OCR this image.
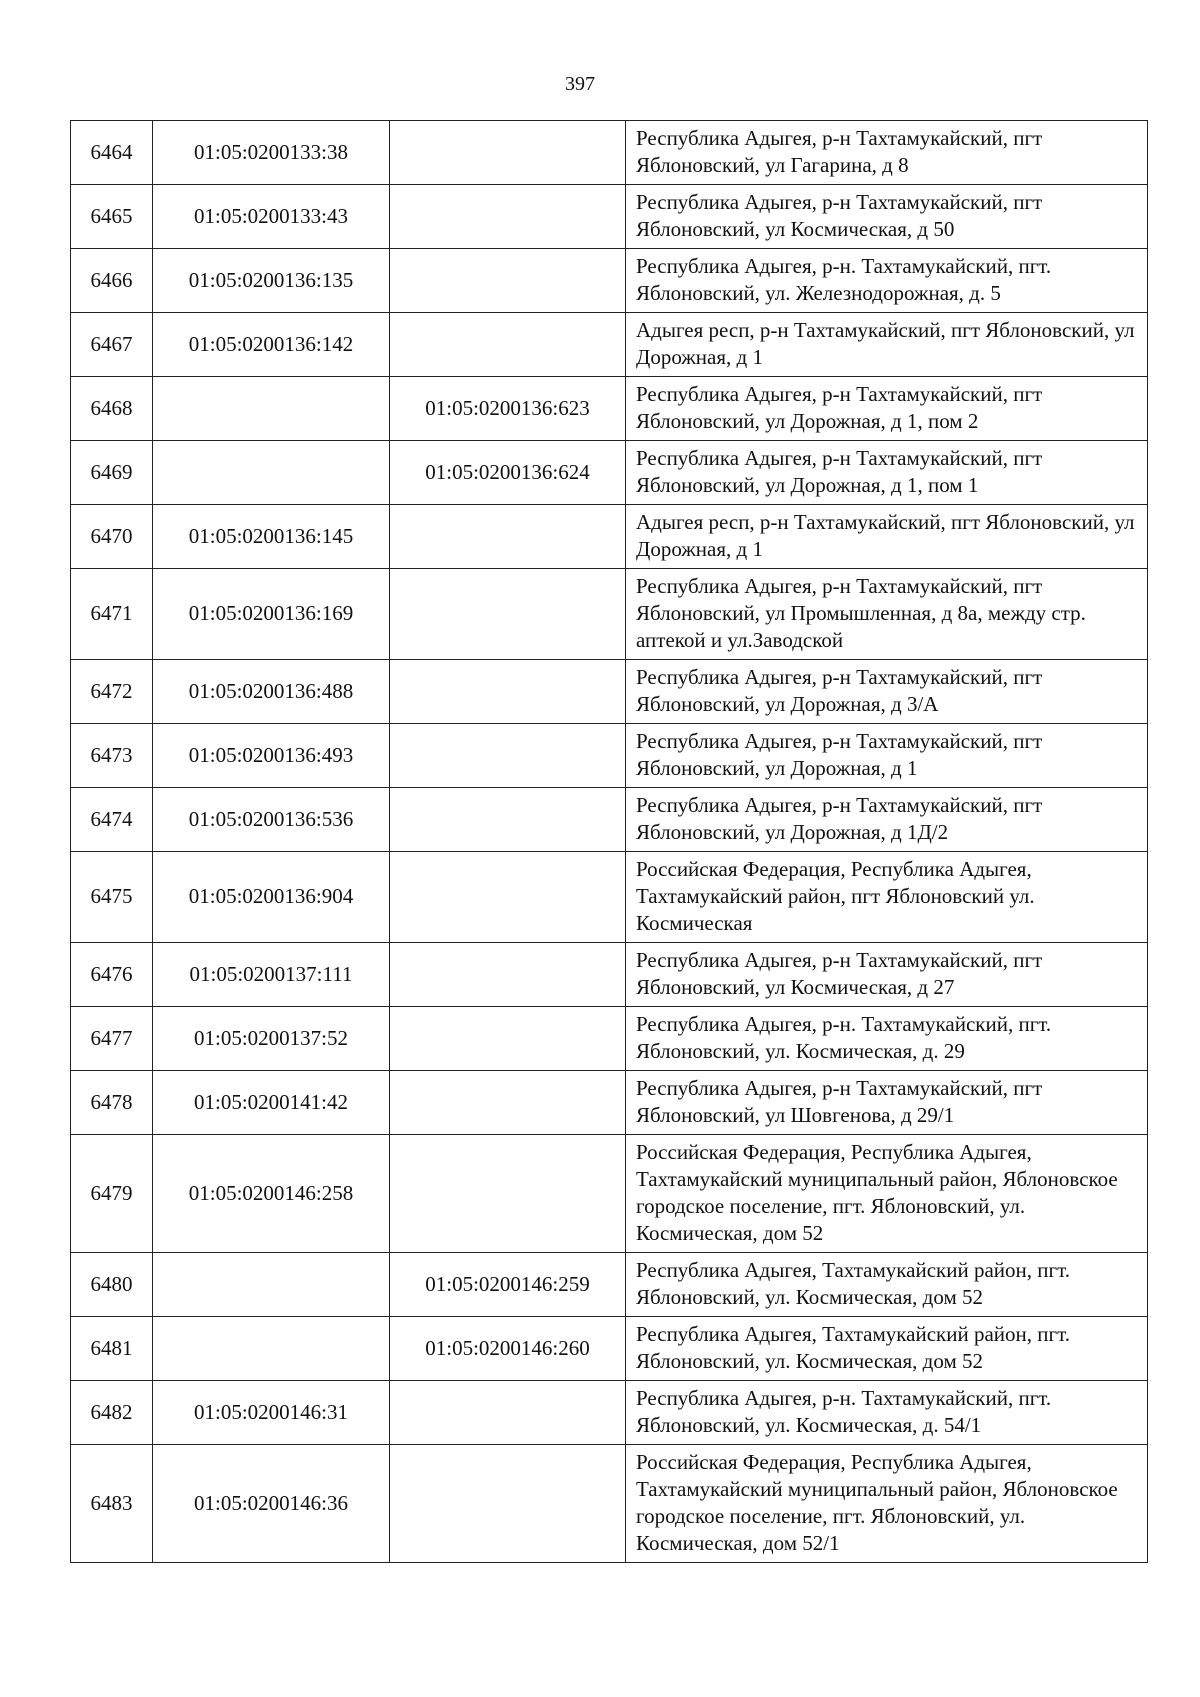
397
6464	01:05:0200133:38		Республика Адыгея, р-н Тахтамукайский, пгт Яблоновский, ул Гагарина, д 8
6465	01:05:0200133:43		Республика Адыгея, р-н Тахтамукайский, пгт Яблоновский, ул Космическая, д 50
6466	01:05:0200136:135		Республика Адыгея, р-н. Тахтамукайский, пгт. Яблоновский, ул. Железнодорожная, д. 5
6467	01:05:0200136:142		Адыгея респ, р-н Тахтамукайский, пгт Яблоновский, ул Дорожная, д 1
6468		01:05:0200136:623	Республика Адыгея, р-н Тахтамукайский, пгт Яблоновский, ул Дорожная, д 1, пом 2
6469		01:05:0200136:624	Республика Адыгея, р-н Тахтамукайский, пгт Яблоновский, ул Дорожная, д 1, пом 1
6470	01:05:0200136:145		Адыгея респ, р-н Тахтамукайский, пгт Яблоновский, ул Дорожная, д 1
6471	01:05:0200136:169		Республика Адыгея, р-н Тахтамукайский, пгт Яблоновский, ул Промышленная, д 8а, между стр. аптекой и ул.Заводской
6472	01:05:0200136:488		Республика Адыгея, р-н Тахтамукайский, пгт Яблоновский, ул Дорожная, д 3/А
6473	01:05:0200136:493		Республика Адыгея, р-н Тахтамукайский, пгт Яблоновский, ул Дорожная, д 1
6474	01:05:0200136:536		Республика Адыгея, р-н Тахтамукайский, пгт Яблоновский, ул Дорожная, д 1Д/2
6475	01:05:0200136:904		Российская Федерация, Республика Адыгея, Тахтамукайский район, пгт Яблоновский ул. Космическая
6476	01:05:0200137:111		Республика Адыгея, р-н Тахтамукайский, пгт Яблоновский, ул Космическая, д 27
6477	01:05:0200137:52		Республика Адыгея, р-н. Тахтамукайский, пгт. Яблоновский, ул. Космическая, д. 29
6478	01:05:0200141:42		Республика Адыгея, р-н Тахтамукайский, пгт Яблоновский, ул Шовгенова, д 29/1
6479	01:05:0200146:258		Российская Федерация, Республика Адыгея, Тахтамукайский муниципальный район, Яблоновское городское поселение, пгт. Яблоновский, ул. Космическая, дом 52
6480		01:05:0200146:259	Республика Адыгея, Тахтамукайский район, пгт. Яблоновский, ул. Космическая, дом 52
6481		01:05:0200146:260	Республика Адыгея, Тахтамукайский район, пгт. Яблоновский, ул. Космическая, дом 52
6482	01:05:0200146:31		Республика Адыгея, р-н. Тахтамукайский, пгт. Яблоновский, ул. Космическая, д. 54/1
6483	01:05:0200146:36		Российская Федерация, Республика Адыгея, Тахтамукайский муниципальный район, Яблоновское городское поселение, пгт. Яблоновский, ул. Космическая, дом 52/1
